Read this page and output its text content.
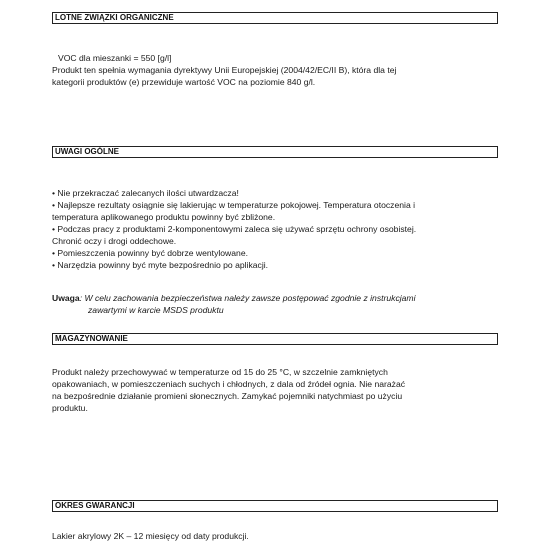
LOTNE ZWIĄZKI ORGANICZNE
VOC dla mieszanki = 550 [g/l]
Produkt ten spełnia wymagania dyrektywy Unii Europejskiej (2004/42/EC/II B), która dla tej
kategorii produktów (e) przewiduje wartość VOC na poziomie 840 g/l.
UWAGI OGÓLNE
• Nie przekraczać zalecanych ilości utwardzacza!
• Najlepsze rezultaty osiągnie się lakierując w temperaturze pokojowej. Temperatura otoczenia i
temperatura aplikowanego produktu powinny być zbliżone.
• Podczas pracy z produktami 2-komponentowymi zaleca się używać sprzętu ochrony osobistej.
Chronić oczy i drogi oddechowe.
• Pomieszczenia powinny być dobrze wentylowane.
• Narzędzia powinny być myte bezpośrednio po aplikacji.
Uwaga: W celu zachowania bezpieczeństwa należy zawsze postępować zgodnie z instrukcjami
zawartymi w karcie MSDS produktu
MAGAZYNOWANIE
Produkt należy przechowywać w temperaturze od 15 do 25 °C, w szczelnie zamkniętych
opakowaniach, w pomieszczeniach suchych i chłodnych, z dala od źródeł ognia. Nie narażać
na bezpośrednie działanie promieni słonecznych. Zamykać pojemniki natychmiast po użyciu
produktu.
OKRES GWARANCJI
Lakier akrylowy 2K – 12 miesięcy od daty produkcji.
